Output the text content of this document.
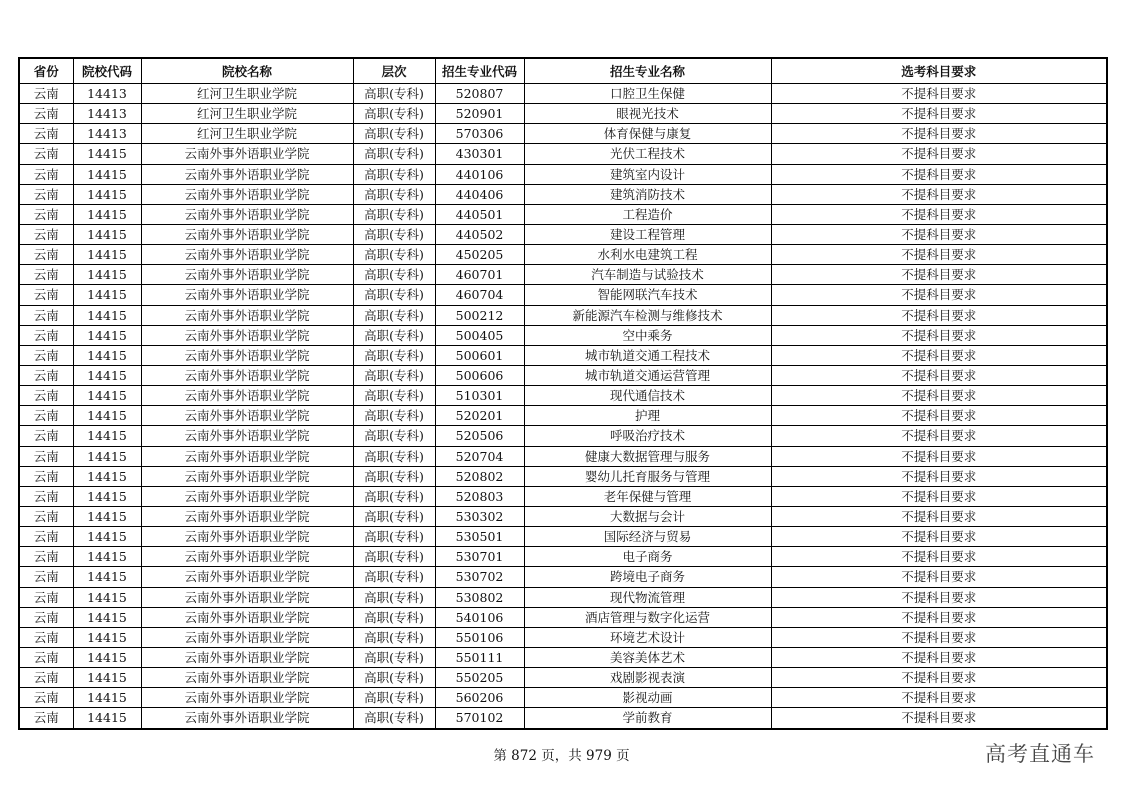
省份	院校代码	院校名称	层次	招生专业代码	招生专业名称	选考科目要求
云南	14413	红河卫生职业学院	高职(专科)	520807	口腔卫生保健	不提科目要求
云南	14413	红河卫生职业学院	高职(专科)	520901	眼视光技术	不提科目要求
云南	14413	红河卫生职业学院	高职(专科)	570306	体育保健与康复	不提科目要求
云南	14415	云南外事外语职业学院	高职(专科)	430301	光伏工程技术	不提科目要求
云南	14415	云南外事外语职业学院	高职(专科)	440106	建筑室内设计	不提科目要求
云南	14415	云南外事外语职业学院	高职(专科)	440406	建筑消防技术	不提科目要求
云南	14415	云南外事外语职业学院	高职(专科)	440501	工程造价	不提科目要求
云南	14415	云南外事外语职业学院	高职(专科)	440502	建设工程管理	不提科目要求
云南	14415	云南外事外语职业学院	高职(专科)	450205	水利水电建筑工程	不提科目要求
云南	14415	云南外事外语职业学院	高职(专科)	460701	汽车制造与试验技术	不提科目要求
云南	14415	云南外事外语职业学院	高职(专科)	460704	智能网联汽车技术	不提科目要求
云南	14415	云南外事外语职业学院	高职(专科)	500212	新能源汽车检测与维修技术	不提科目要求
云南	14415	云南外事外语职业学院	高职(专科)	500405	空中乘务	不提科目要求
云南	14415	云南外事外语职业学院	高职(专科)	500601	城市轨道交通工程技术	不提科目要求
云南	14415	云南外事外语职业学院	高职(专科)	500606	城市轨道交通运营管理	不提科目要求
云南	14415	云南外事外语职业学院	高职(专科)	510301	现代通信技术	不提科目要求
云南	14415	云南外事外语职业学院	高职(专科)	520201	护理	不提科目要求
云南	14415	云南外事外语职业学院	高职(专科)	520506	呼吸治疗技术	不提科目要求
云南	14415	云南外事外语职业学院	高职(专科)	520704	健康大数据管理与服务	不提科目要求
云南	14415	云南外事外语职业学院	高职(专科)	520802	婴幼儿托育服务与管理	不提科目要求
云南	14415	云南外事外语职业学院	高职(专科)	520803	老年保健与管理	不提科目要求
云南	14415	云南外事外语职业学院	高职(专科)	530302	大数据与会计	不提科目要求
云南	14415	云南外事外语职业学院	高职(专科)	530501	国际经济与贸易	不提科目要求
云南	14415	云南外事外语职业学院	高职(专科)	530701	电子商务	不提科目要求
云南	14415	云南外事外语职业学院	高职(专科)	530702	跨境电子商务	不提科目要求
云南	14415	云南外事外语职业学院	高职(专科)	530802	现代物流管理	不提科目要求
云南	14415	云南外事外语职业学院	高职(专科)	540106	酒店管理与数字化运营	不提科目要求
云南	14415	云南外事外语职业学院	高职(专科)	550106	环境艺术设计	不提科目要求
云南	14415	云南外事外语职业学院	高职(专科)	550111	美容美体艺术	不提科目要求
云南	14415	云南外事外语职业学院	高职(专科)	550205	戏剧影视表演	不提科目要求
云南	14415	云南外事外语职业学院	高职(专科)	560206	影视动画	不提科目要求
云南	14415	云南外事外语职业学院	高职(专科)	570102	学前教育	不提科目要求
第 872 页，共 979 页	高考直通车
